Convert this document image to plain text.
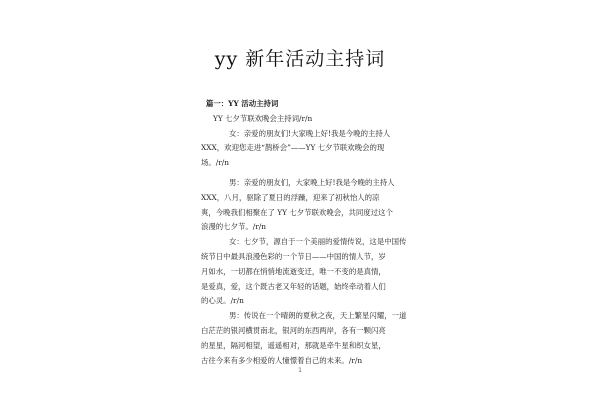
yy 新年活动主持词
篇一：YY 活动主持词
YY 七夕节联欢晚会主持词/r/n
女：亲爱的朋友们!大家晚上好!我是今晚的主持人
XXX，欢迎您走进“鹊桥会”——YY 七夕节联欢晚会的现
场。/r/n
男：亲爱的朋友们，大家晚上好!我是今晚的主持人
XXX，八月，驱除了夏日的浮躁，迎来了初秋怡人的凉
爽，今晚我们相聚在了 YY 七夕节联欢晚会，共同度过这个
浪漫的七夕节。/r/n
女：七夕节，源自于一个美丽的爱情传说，这是中国传
统节日中最具浪漫色彩的一个节日——中国的情人节，岁
月如水，一切都在悄悄地流逝变迁，唯一不变的是真情，
是爱真，爱，这个既古老又年轻的话题，始终牵动着人们
的心灵。/r/n
男：传说在一个晴朗的夏秋之夜，天上繁星闪耀，一道
白茫茫的银河横贯南北，银河的东西两岸，各有一颗闪亮
的星星，隔河相望，遥遥相对，那就是牵牛星和织女星，
古往今来有多少相爱的人憧憬着自己的未来。/r/n
1
